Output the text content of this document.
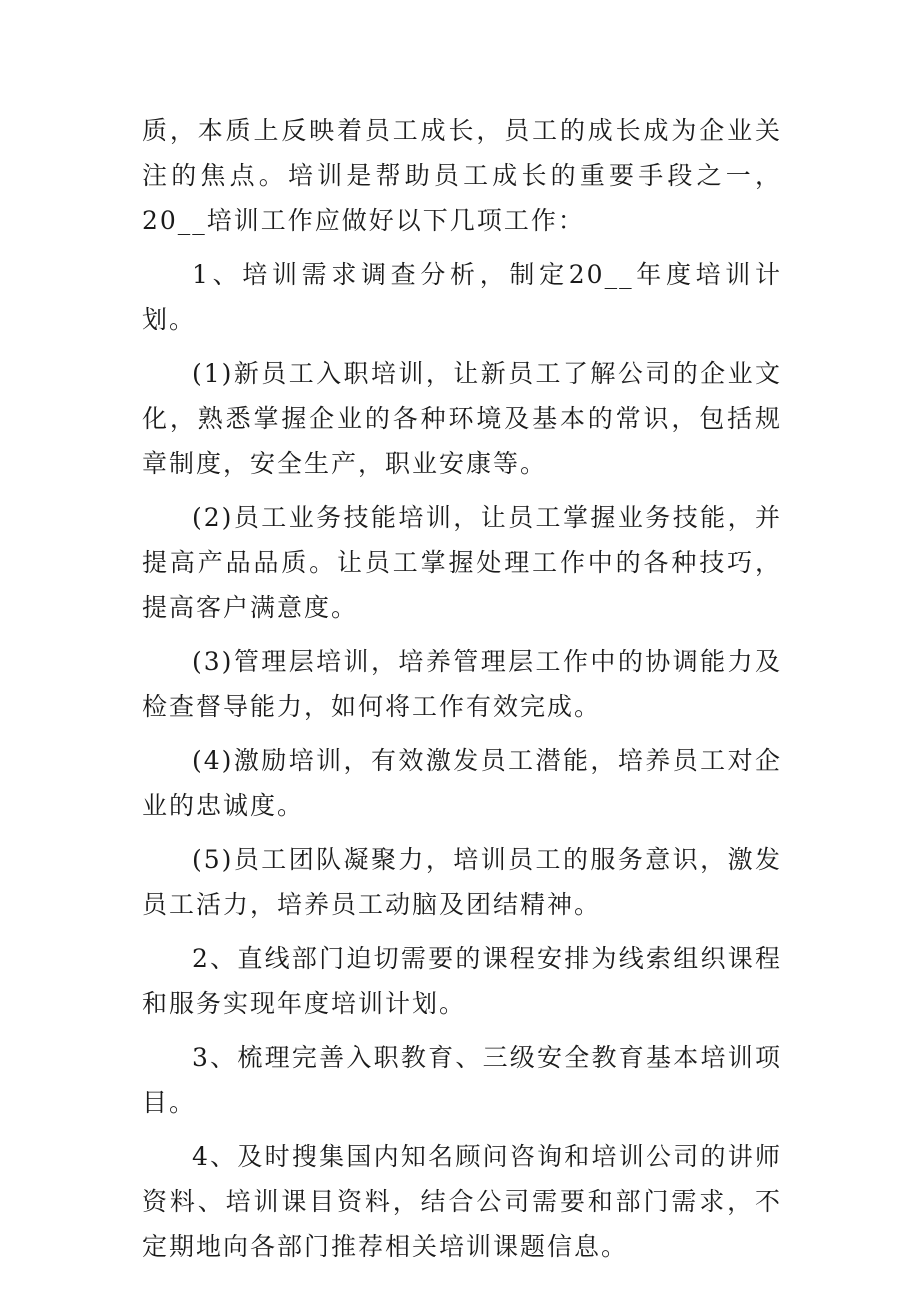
质，本质上反映着员工成长，员工的成长成为企业关注的焦点。培训是帮助员工成长的重要手段之一，20__培训工作应做好以下几项工作：

1、培训需求调查分析，制定20__年度培训计划。

(1)新员工入职培训，让新员工了解公司的企业文化，熟悉掌握企业的各种环境及基本的常识，包括规章制度，安全生产，职业安康等。

(2)员工业务技能培训，让员工掌握业务技能，并提高产品品质。让员工掌握处理工作中的各种技巧，提高客户满意度。

(3)管理层培训，培养管理层工作中的协调能力及检查督导能力，如何将工作有效完成。

(4)激励培训，有效激发员工潜能，培养员工对企业的忠诚度。

(5)员工团队凝聚力，培训员工的服务意识，激发员工活力，培养员工动脑及团结精神。

2、直线部门迫切需要的课程安排为线索组织课程和服务实现年度培训计划。

3、梳理完善入职教育、三级安全教育基本培训项目。

4、及时搜集国内知名顾问咨询和培训公司的讲师资料、培训课目资料，结合公司需要和部门需求，不定期地向各部门推荐相关培训课题信息。
